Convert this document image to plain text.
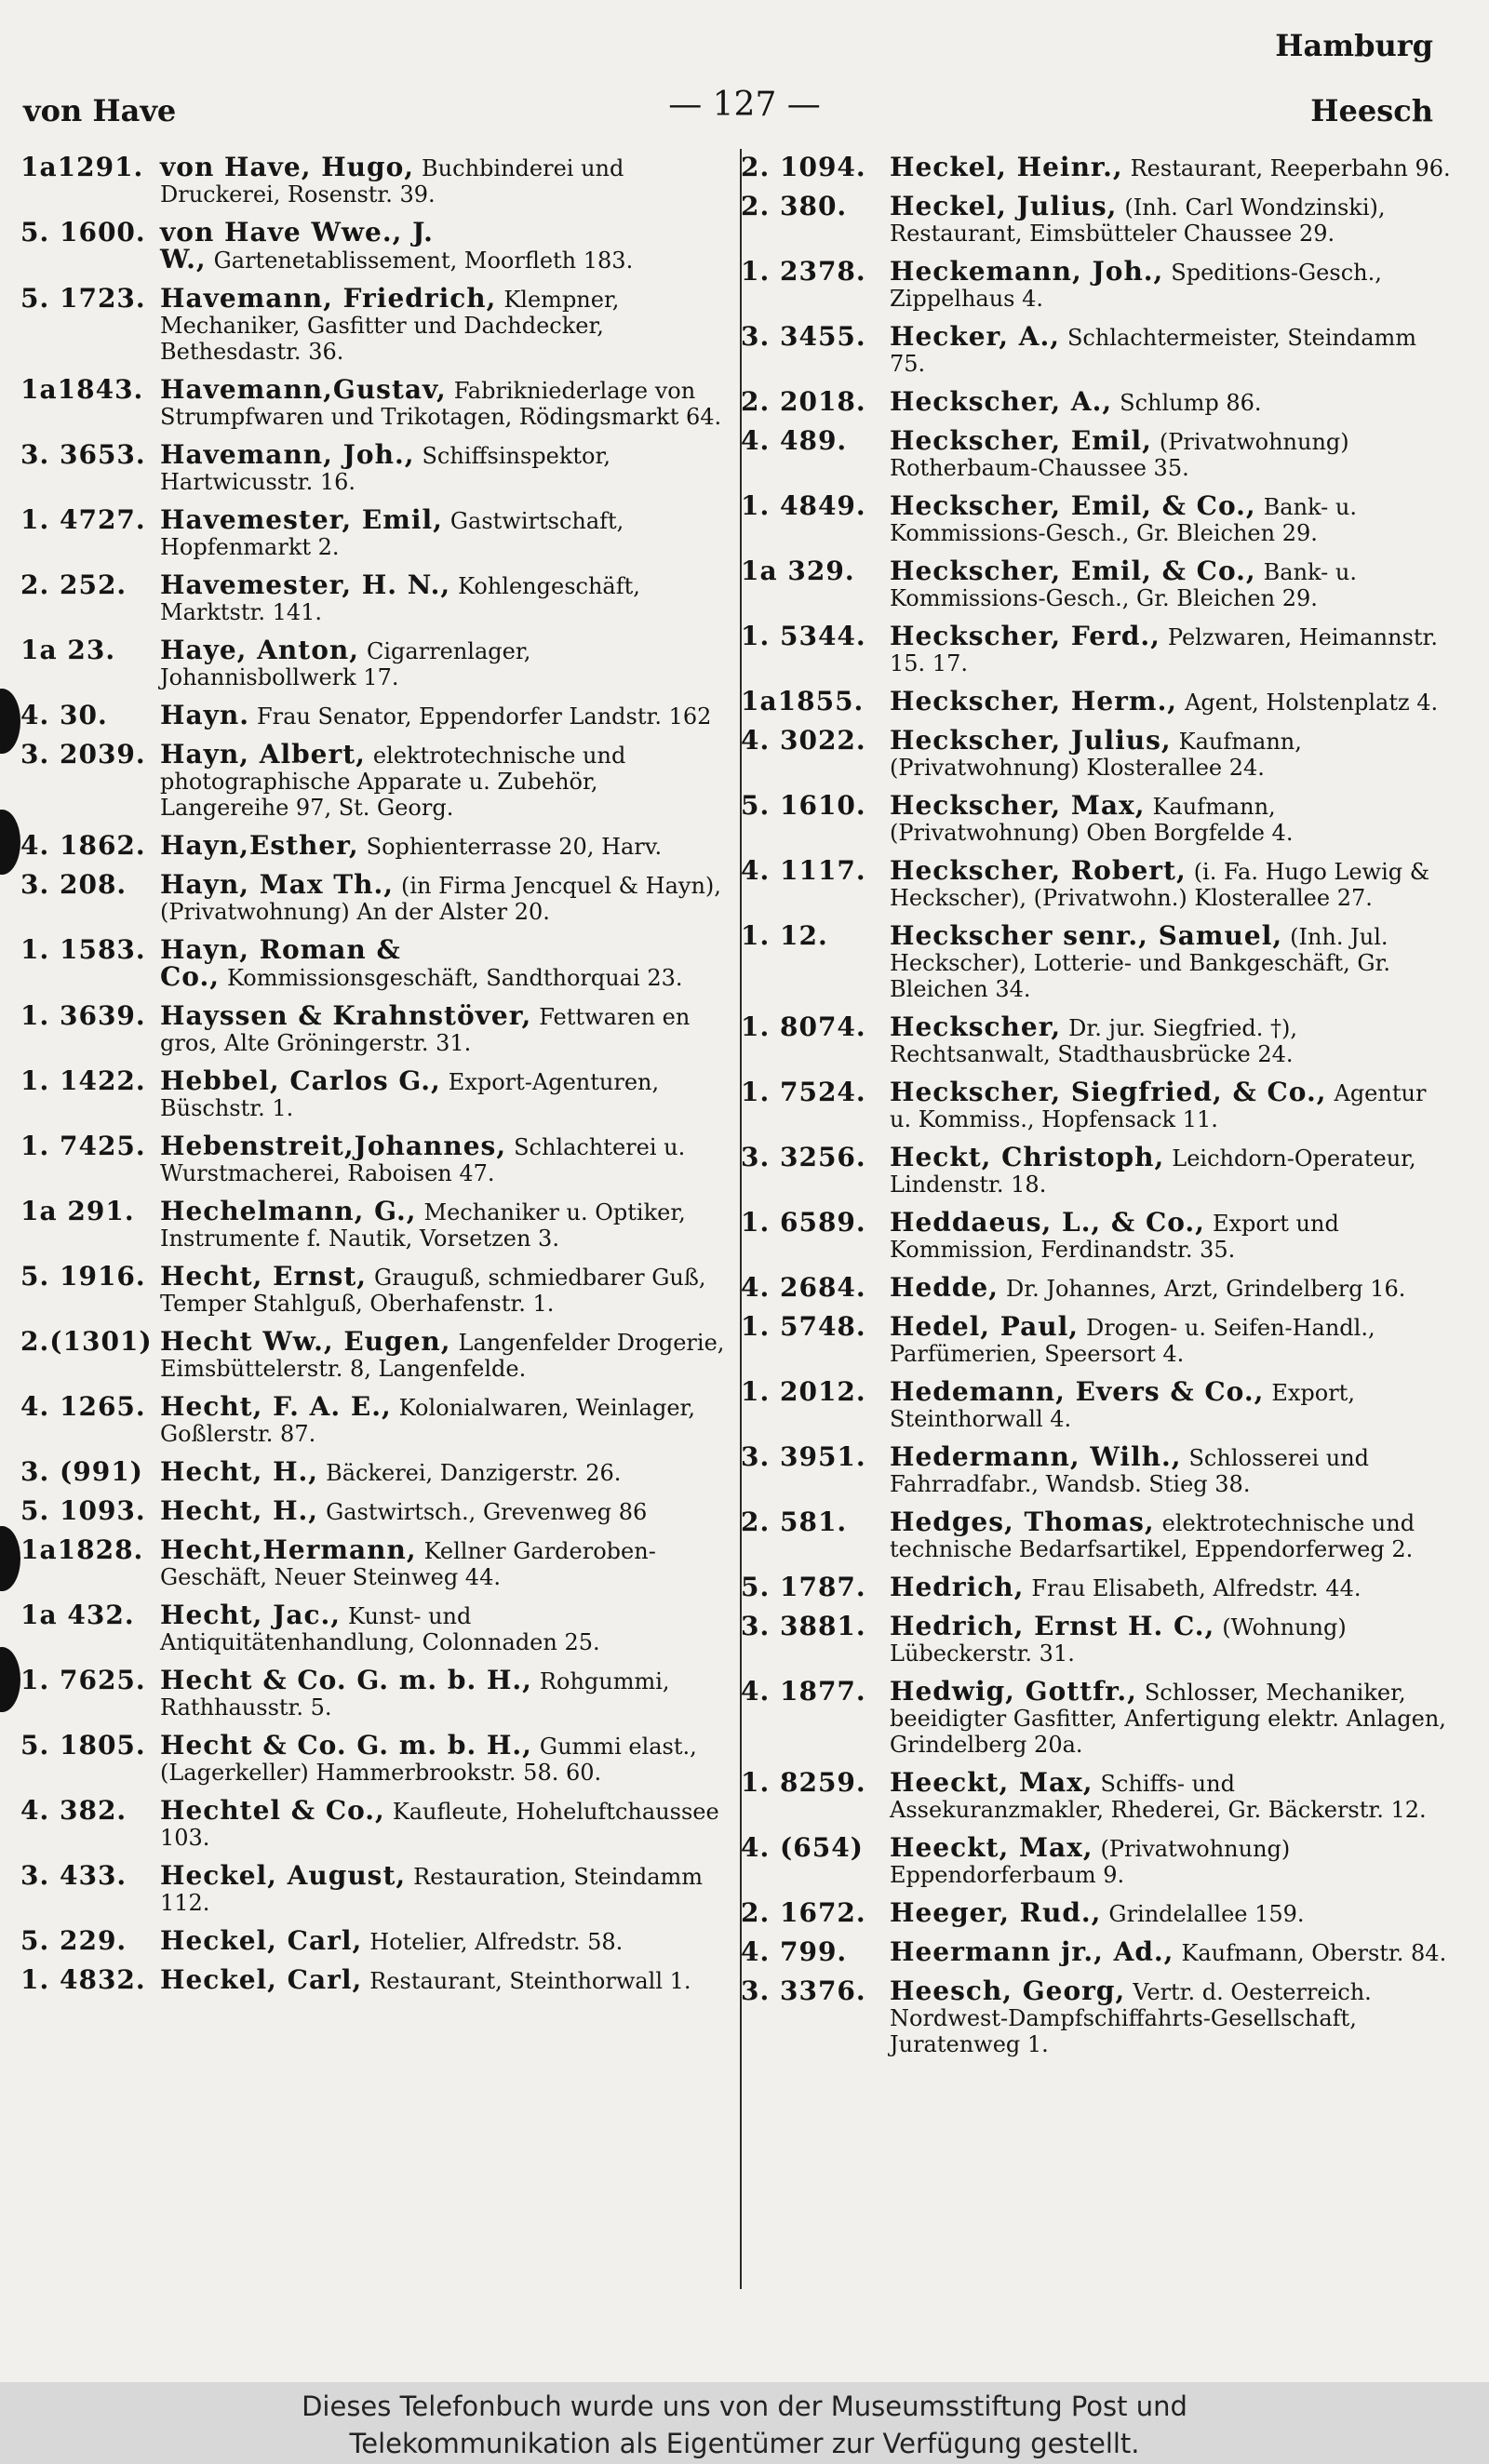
Hamburg
von Have	— 127 —	Heesch
1a1291. von Have, Hugo, Buchbinderei und Druckerei, Rosenstr. 39.
5. 1600. von Have Wwe., J. W., Gartenetablissement, Moorfleth 183.
5. 1723. Havemann, Friedrich, Klempner, Mechaniker, Gasfitter und Dachdecker, Bethesdastr. 36.
1a1843. Havemann,Gustav, Fabrikniederlage von Strumpfwaren und Trikotagen, Rödingsmarkt 64.
3. 3653. Havemann, Joh., Schiffsinspektor, Hartwicusstr. 16.
1. 4727. Havemester, Emil, Gastwirtschaft, Hopfenmarkt 2.
2. 252.	Havemester, H. N., Kohlengeschäft, Marktstr. 141.
1a 23.	Haye, Anton, Cigarrenlager, Johannisbollwerk 17.
4. 30.	Hayn. Frau Senator, Eppendorfer Landstr. 162
3. 2039. Hayn, Albert, elektrotechnische und photographische Apparate u. Zubehör, Langereihe 97, St. Georg.
4. 1862. Hayn,Esther, Sophienterrasse 20, Harv.
3. 208.	Hayn, Max Th., (in Firma Jencquel & Hayn), (Privatwohnung) An der Alster 20.
1. 1583. Hayn, Roman & Co., Kommissionsgeschäft, Sandthorquai 23.
1. 3639. Hayssen & Krahnstöver, Fettwaren en gros, Alte Gröningerstr. 31.
1. 1422. Hebbel, Carlos G., Export-Agenturen, Büschstr. 1.
1. 7425. Hebenstreit,Johannes, Schlachterei u. Wurstmacherei, Raboisen 47.
1a 291. Hechelmann, G., Mechaniker u. Optiker, Instrumente f. Nautik, Vorsetzen 3.
5. 1916. Hecht, Ernst, Grauguß, schmiedbarer Guß, Temper Stahlguß, Oberhafenstr. 1.
2.(1301) Hecht Ww., Eugen, Langenfelder Drogerie, Eimsbüttelerstr. 8, Langenfelde.
4. 1265. Hecht, F. A. E., Kolonialwaren, Weinlager, Goßlerstr. 87.
3. (991) Hecht, H., Bäckerei, Danzigerstr. 26.
5. 1093. Hecht, H., Gastwirtsch., Grevenweg 86
1a1828. Hecht,Hermann, Kellner Garderoben-Geschäft, Neuer Steinweg 44.
1a 432. Hecht, Jac., Kunst- und Antiquitätenhandlung, Colonnaden 25.
1. 7625. Hecht & Co. G. m. b. H., Rohgummi, Rathhausstr. 5.
5. 1805. Hecht & Co. G. m. b. H., Gummi elast., (Lagerkeller) Hammerbrookstr. 58. 60.
4. 382.	Hechtel & Co., Kaufleute, Hoheluftchaussee 103.
3. 433.	Heckel, August, Restauration, Steindamm 112.
5. 229.	Heckel, Carl, Hotelier, Alfredstr. 58.
1. 4832. Heckel, Carl, Restaurant, Steinthorwall 1.
2. 1094. Heckel, Heinr., Restaurant, Reeperbahn 96.
2. 380.	Heckel, Julius, (Inh. Carl Wondzinski), Restaurant, Eimsbütteler Chaussee 29.
1. 2378. Heckemann, Joh., Speditions-Gesch., Zippelhaus 4.
3. 3455. Hecker, A., Schlachtermeister, Steindamm 75.
2. 2018. Heckscher, A., Schlump 86.
4. 489.	Heckscher, Emil, (Privatwohnung) Rotherbaum-Chaussee 35.
1. 4849. Heckscher, Emil, & Co., Bank- u. Kommissions-Gesch., Gr. Bleichen 29.
1a 329.	Heckscher, Emil, & Co., Bank- u. Kommissions-Gesch., Gr. Bleichen 29.
1. 5344. Heckscher, Ferd., Pelzwaren, Heimannstr. 15. 17.
1a1855. Heckscher, Herm., Agent, Holstenplatz 4.
4. 3022. Heckscher, Julius, Kaufmann, (Privatwohnung) Klosterallee 24.
5. 1610. Heckscher, Max, Kaufmann, (Privatwohnung) Oben Borgfelde 4.
4. 1117. Heckscher, Robert, (i. Fa. Hugo Lewig & Heckscher), (Privatwohn.) Klosterallee 27.
1. 12.	Heckscher senr., Samuel, (Inh. Jul. Heckscher), Lotterie- und Bankgeschäft, Gr. Bleichen 34.
1. 8074. Heckscher, Dr. jur. Siegfried. †), Rechtsanwalt, Stadthausbrücke 24.
1. 7524. Heckscher, Siegfried, & Co., Agentur u. Kommiss., Hopfensack 11.
3. 3256. Heckt, Christoph, Leichdorn-Operateur, Lindenstr. 18.
1. 6589. Heddaeus, L., & Co., Export und Kommission, Ferdinandstr. 35.
4. 2684. Hedde, Dr. Johannes, Arzt, Grindelberg 16.
1. 5748. Hedel, Paul, Drogen- u. Seifen-Handl., Parfümerien, Speersort 4.
1. 2012. Hedemann, Evers & Co., Export, Steinthorwall 4.
3. 3951. Hedermann, Wilh., Schlosserei und Fahrradfabr., Wandsb. Stieg 38.
2. 581.	Hedges, Thomas, elektrotechnische und technische Bedarfsartikel, Eppendorferweg 2.
5. 1787. Hedrich, Frau Elisabeth, Alfredstr. 44.
3. 3881. Hedrich, Ernst H. C., (Wohnung) Lübeckerstr. 31.
4. 1877. Hedwig, Gottfr., Schlosser, Mechaniker, beeidigter Gasfitter, Anfertigung elektr. Anlagen, Grindelberg 20a.
1. 8259. Heeckt, Max, Schiffs- und Assekuranzmakler, Rhederei, Gr. Bäckerstr. 12.
4. (654)	Heeckt, Max, (Privatwohnung) Eppendorferbaum 9.
2. 1672. Heeger, Rud., Grindelallee 159.
4. 799.	Heermann jr., Ad., Kaufmann, Oberstr. 84.
3. 3376. Heesch, Georg, Vertr. d. Oesterreich. Nordwest-Dampfschiffahrts-Gesellschaft, Juratenweg 1.
Dieses Telefonbuch wurde uns von der Museumsstiftung Post und
Telekommunikation als Eigentümer zur Verfügung gestellt.
